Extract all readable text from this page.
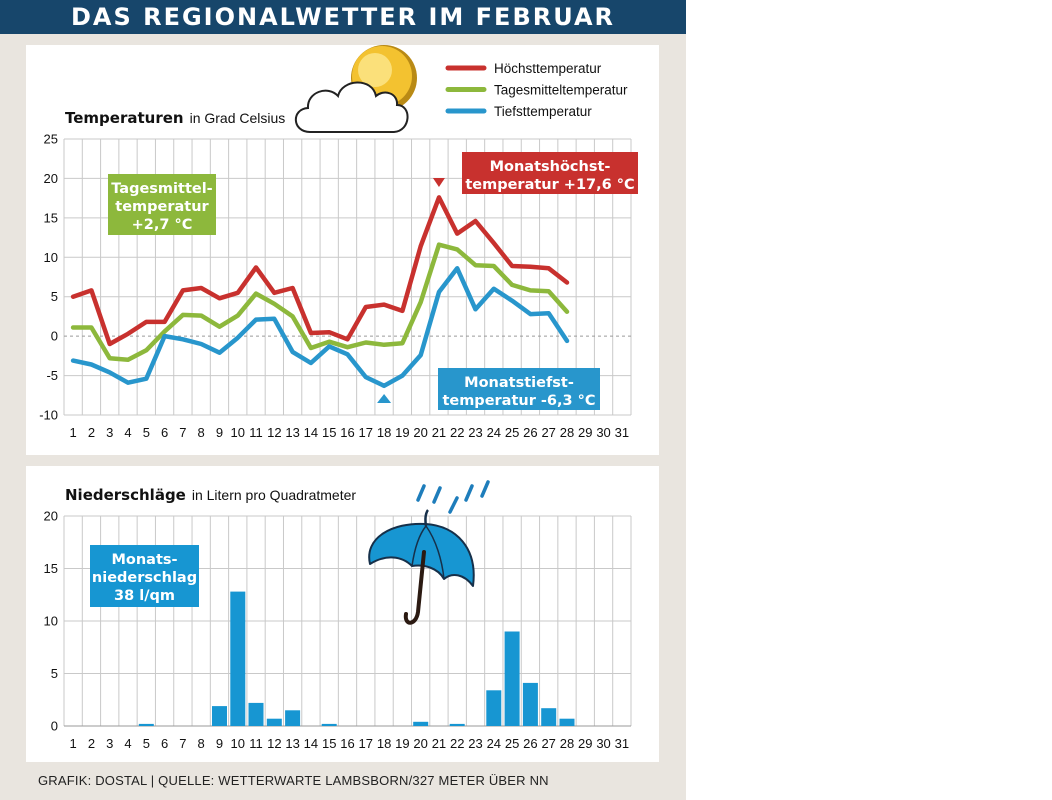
DAS REGIONALWETTER IM FEBRUAR
Temperaturen in Grad Celsius
25
20
15
10
5
0
-5
-10
1 2 3 4 5 6 7 8 9 10 11 12 13 14 15 16 17 18 19 20 21 22 23 24 25 26 27 28 29 30 31
Höchsttemperatur
Tagesmitteltemperatur
Tiefsttemperatur
Tagesmittel-
temperatur
+2,7 °C
Monatshöchst-
temperatur +17,6 °C
Monatstiefst-
temperatur -6,3 °C
Niederschläge in Litern pro Quadratmeter
20
15
10
5
0
1 2 3 4 5 6 7 8 9 10 11 12 13 14 15 16 17 18 19 20 21 22 23 24 25 26 27 28 29 30 31
Monats-
niederschlag
38 l/qm
GRAFIK: DOSTAL | QUELLE: WETTERWARTE LAMBSBORN/327 METER ÜBER NN
